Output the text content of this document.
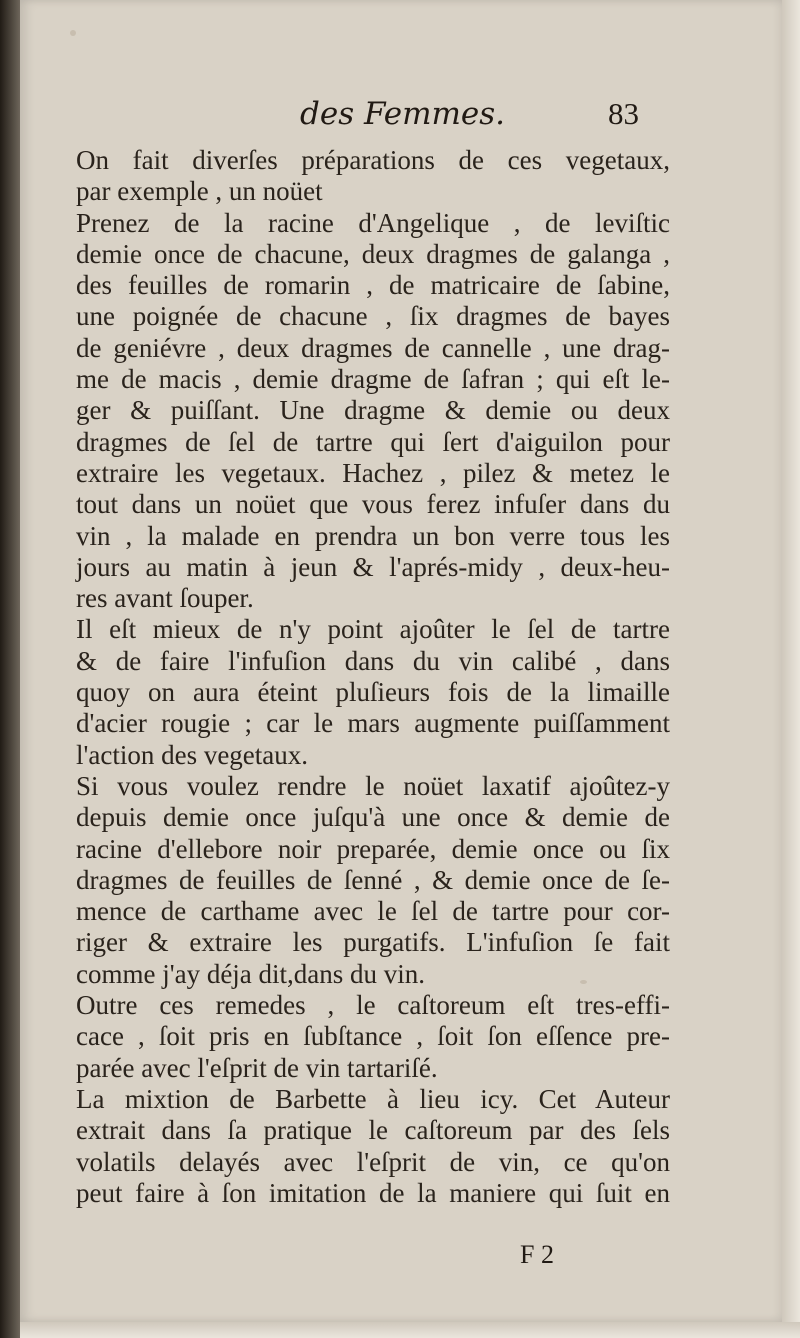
des Femmes.	83
On fait diverſes préparations de ces vegetaux,
par exemple , un noüet
Prenez de la racine d'Angelique , de leviſtic
demie once de chacune, deux dragmes de galanga ,
des feuilles de romarin , de matricaire de ſabine,
une poignée de chacune , ſix dragmes de bayes
de geniévre , deux dragmes de cannelle , une drag-
me de macis , demie dragme de ſafran ; qui eſt le-
ger & puiſſant. Une dragme & demie ou deux
dragmes de ſel de tartre qui ſert d'aiguilon pour
extraire les vegetaux. Hachez , pilez & metez le
tout dans un noüet que vous ferez infuſer dans du
vin , la malade en prendra un bon verre tous les
jours au matin à jeun & l'aprés-midy , deux-heu-
res avant ſouper.
Il eſt mieux de n'y point ajoûter le ſel de tartre
& de faire l'infuſion dans du vin calibé , dans
quoy on aura éteint pluſieurs fois de la limaille
d'acier rougie ; car le mars augmente puiſſamment
l'action des vegetaux.
Si vous voulez rendre le noüet laxatif ajoûtez-y
depuis demie once juſqu'à une once & demie de
racine d'ellebore noir preparée, demie once ou ſix
dragmes de feuilles de ſenné , & demie once de ſe-
mence de carthame avec le ſel de tartre pour cor-
riger & extraire les purgatifs. L'infuſion ſe fait
comme j'ay déja dit,dans du vin.
Outre ces remedes , le caſtoreum eſt tres-effi-
cace , ſoit pris en ſubſtance , ſoit ſon eſſence pre-
parée avec l'eſprit de vin tartariſé.
La mixtion de Barbette à lieu icy. Cet Auteur
extrait dans ſa pratique le caſtoreum par des ſels
volatils delayés avec l'eſprit de vin, ce qu'on
peut faire à ſon imitation de la maniere qui ſuit en
F 2
